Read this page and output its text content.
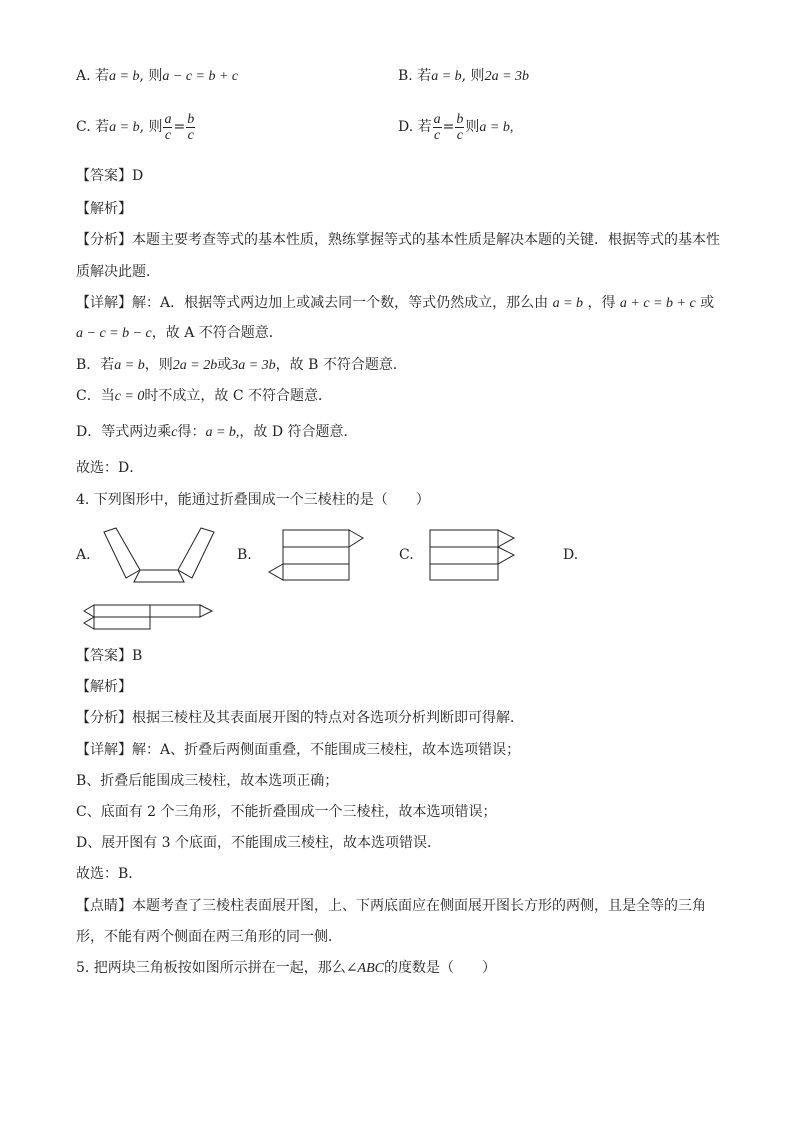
A. 若a = b, 则a − c = b + c	B. 若a = b, 则2a = 3b
C. 若a = b, 则 $\frac{a}{c} = \frac{b}{c}$	D. 若 $\frac{a}{c} = \frac{b}{c}$ 则a = b,
【答案】D
【解析】
【分析】本题主要考查等式的基本性质，熟练掌握等式的基本性质是解决本题的关键．根据等式的基本性
质解决此题．
【详解】解：A．根据等式两边加上或减去同一个数，等式仍然成立，那么由 a = b ，得 a + c = b + c 或
a − c = b − c，故 A 不符合题意．
B．若a = b，则2a = 2b或3a = 3b，故 B 不符合题意．
C．当c = 0时不成立，故 C 不符合题意．
D．等式两边乘c得：a = b,，故 D 符合题意．
故选：D．
4. 下列图形中，能通过折叠围成一个三棱柱的是（　　）
A.	B.	C.	D.
【答案】B
【解析】
【分析】根据三棱柱及其表面展开图的特点对各选项分析判断即可得解．
【详解】解：A、折叠后两侧面重叠，不能围成三棱柱，故本选项错误；
B、折叠后能围成三棱柱，故本选项正确；
C、底面有 2 个三角形，不能折叠围成一个三棱柱，故本选项错误；
D、展开图有 3 个底面，不能围成三棱柱，故本选项错误．
故选：B．
【点睛】本题考查了三棱柱表面展开图，上、下两底面应在侧面展开图长方形的两侧，且是全等的三角
形，不能有两个侧面在两三角形的同一侧．
5. 把两块三角板按如图所示拼在一起，那么∠ABC的度数是（　　）
